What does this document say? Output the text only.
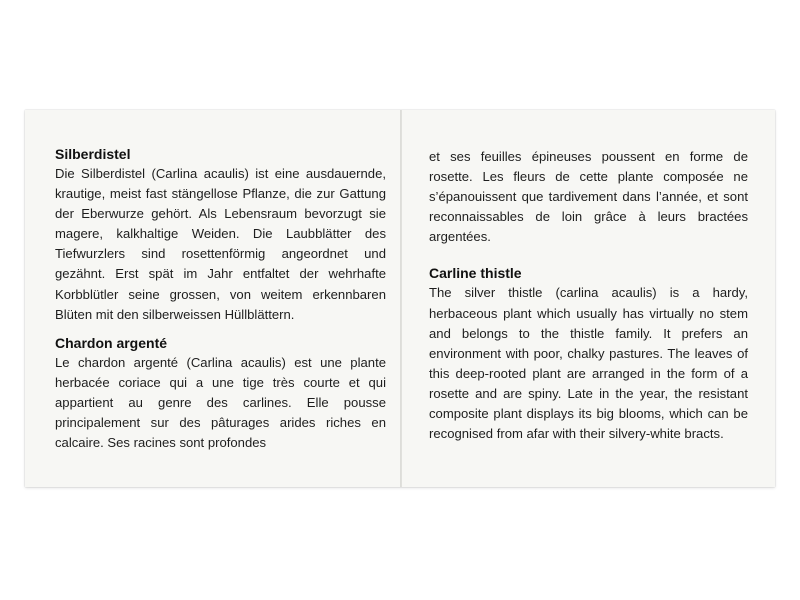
Silberdistel

Die Silberdistel (Carlina acaulis) ist eine ausdauernde, krautige, meist fast stängellose Pflanze, die zur Gattung der Eberwurze gehört. Als Lebensraum bevorzugt sie magere, kalkhaltige Weiden. Die Laubblätter des Tiefwurzlers sind rosettenförmig angeordnet und gezähnt. Erst spät im Jahr entfaltet der wehrhafte Korbblütler seine grossen, von weitem erkennbaren Blüten mit den silberweissen Hüllblättern.

Chardon argenté

Le chardon argenté (Carlina acaulis) est une plante herbacée coriace qui a une tige très courte et qui appartient au genre des carlines. Elle pousse principalement sur des pâturages arides riches en calcaire. Ses racines sont profondes

et ses feuilles épineuses poussent en forme de rosette. Les fleurs de cette plante composée ne s’épanouissent que tardivement dans l’année, et sont reconnaissables de loin grâce à leurs bractées argentées.

Carline thistle

The silver thistle (carlina acaulis) is a hardy, herbaceous plant which usually has virtually no stem and belongs to the thistle family. It prefers an environment with poor, chalky pastures. The leaves of this deep-rooted plant are arranged in the form of a rosette and are spiny. Late in the year, the resistant composite plant displays its big blooms, which can be recognised from afar with their silvery-white bracts.
